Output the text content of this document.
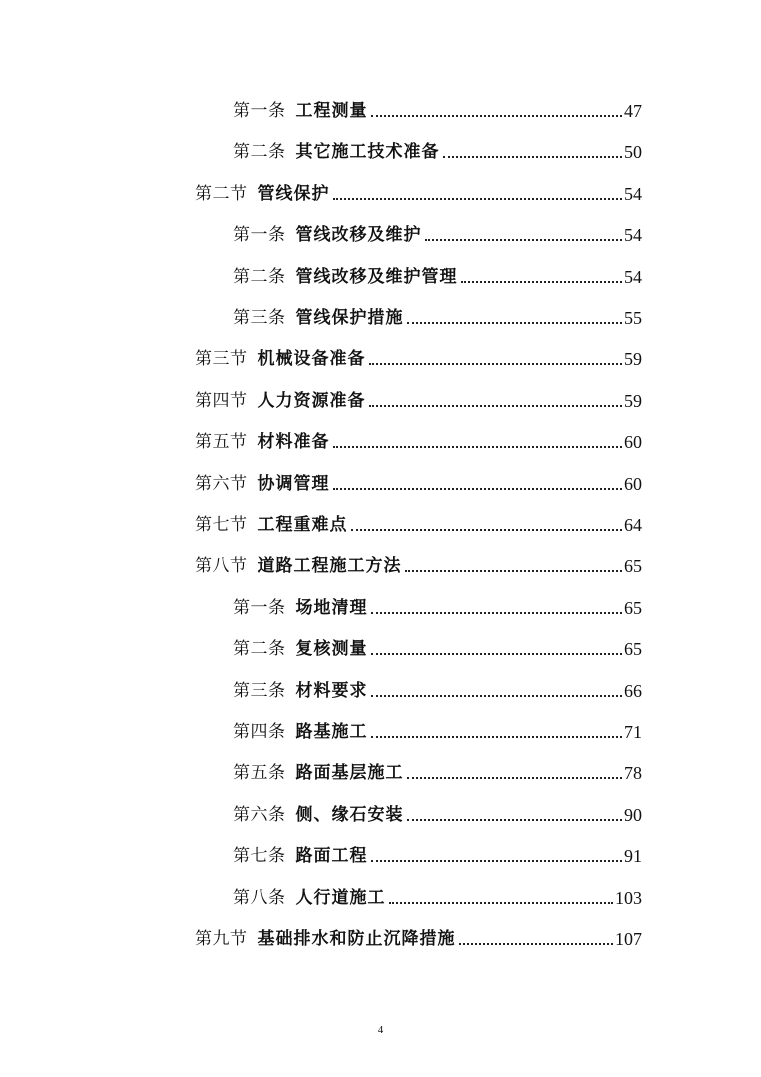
第一条 工程测量	47
第二条 其它施工技术准备	50
第二节 管线保护	54
第一条 管线改移及维护	54
第二条 管线改移及维护管理	54
第三条 管线保护措施	55
第三节 机械设备准备	59
第四节 人力资源准备	59
第五节 材料准备	60
第六节 协调管理	60
第七节 工程重难点	64
第八节 道路工程施工方法	65
第一条 场地清理	65
第二条 复核测量	65
第三条 材料要求	66
第四条 路基施工	71
第五条 路面基层施工	78
第六条 侧、缘石安装	90
第七条 路面工程	91
第八条 人行道施工	103
第九节 基础排水和防止沉降措施	107
4
